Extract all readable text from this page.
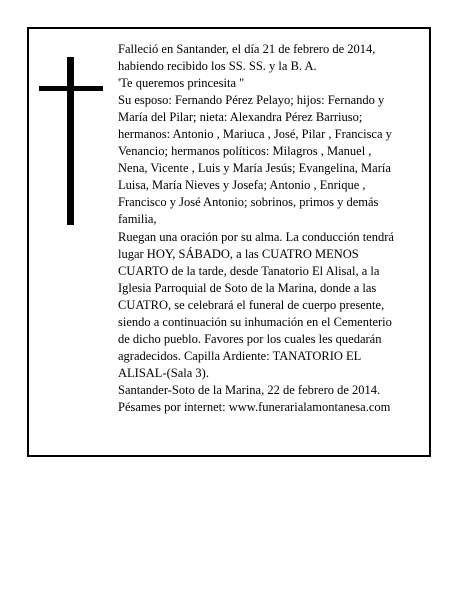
Falleció en Santander, el día 21 de febrero de 2014,
habiendo recibido los SS. SS. y la B. A.
'Te queremos princesita "
Su esposo: Fernando Pérez Pelayo; hijos: Fernando y
María del Pilar; nieta: Alexandra Pérez Barriuso;
hermanos: Antonio , Mariuca , José, Pilar , Francisca y
Venancio; hermanos políticos: Milagros , Manuel ,
Nena, Vicente , Luis y María Jesús; Evangelina, María
Luisa, María Nieves y Josefa; Antonio , Enrique ,
Francisco y José Antonio; sobrinos, primos y demás
familia,
Ruegan una oración por su alma. La conducción tendrá
lugar HOY, SÁBADO, a las CUATRO MENOS
CUARTO de la tarde, desde Tanatorio El Alisal, a la
Iglesia Parroquial de Soto de la Marina, donde a las
CUATRO, se celebrará el funeral de cuerpo presente,
siendo a continuación su inhumación en el Cementerio
de dicho pueblo. Favores por los cuales les quedarán
agradecidos. Capilla Ardiente: TANATORIO EL
ALISAL-(Sala 3).
Santander-Soto de la Marina, 22 de febrero de 2014.
Pésames por internet: www.funerarialamontanesa.com
